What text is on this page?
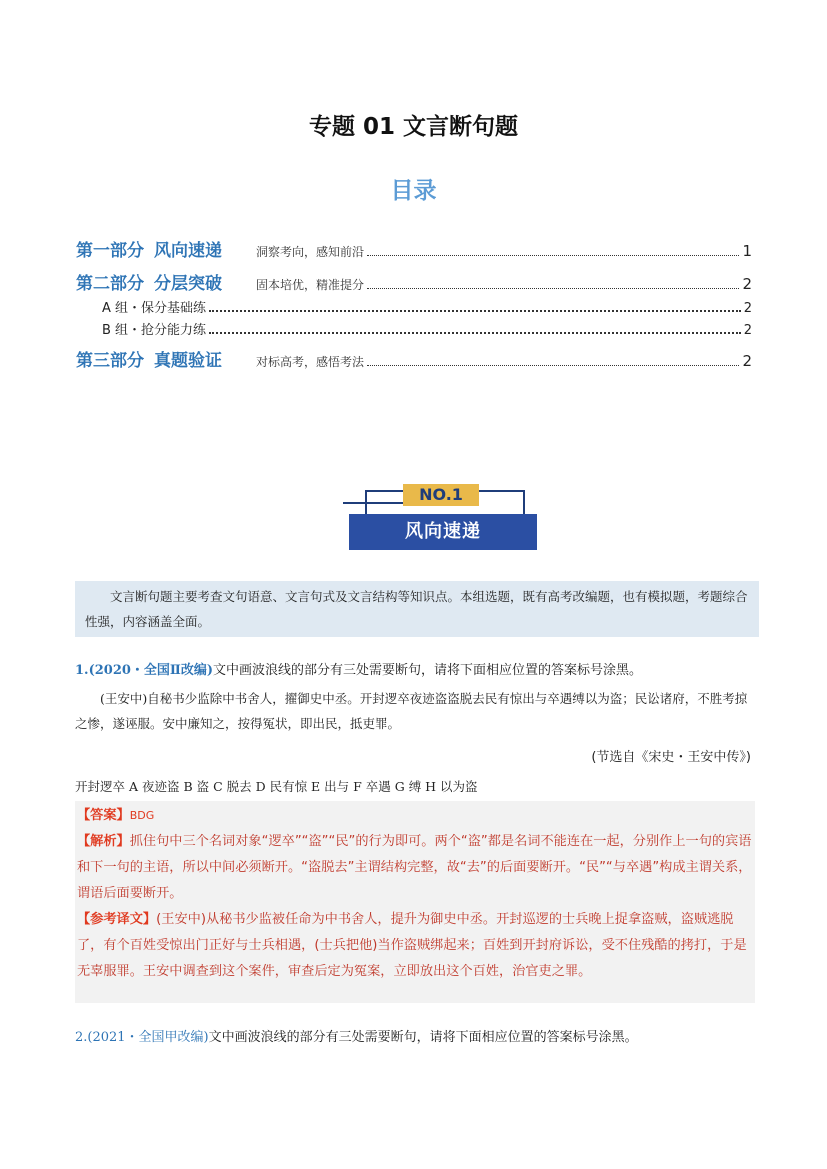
专题 01 文言断句题
目录
第一部分 风向速递	洞察考向，感知前沿	1
第二部分 分层突破	固本培优，精准提分	2
A 组・保分基础练	2
B 组・抢分能力练	2
第三部分 真题验证	对标高考，感悟考法	2
NO.1
风向速递
文言断句题主要考查文句语意、文言句式及文言结构等知识点。本组选题，既有高考改编题，也有模拟题，考题综合性强，内容涵盖全面。
1.(2020・全国Ⅱ改编)文中画波浪线的部分有三处需要断句，请将下面相应位置的答案标号涂黑。
(王安中)自秘书少监除中书舍人，擢御史中丞。开封逻卒夜迹盗盗脱去民有惊出与卒遇缚以为盗；民讼诸府，不胜考掠之惨，遂诬服。安中廉知之，按得冤状，即出民，抵吏罪。
(节选自《宋史・王安中传》)
开封逻卒 A 夜迹盗 B 盗 C 脱去 D 民有惊 E 出与 F 卒遇 G 缚 H 以为盗
【答案】BDG
【解析】抓住句中三个名词对象“逻卒”“盗”“民”的行为即可。两个“盗”都是名词不能连在一起，分别作上一句的宾语和下一句的主语，所以中间必须断开。“盗脱去”主谓结构完整，故“去”的后面要断开。“民”“与卒遇”构成主谓关系，谓语后面要断开。
【参考译文】(王安中)从秘书少监被任命为中书舍人，提升为御史中丞。开封巡逻的士兵晚上捉拿盗贼，盗贼逃脱了，有个百姓受惊出门正好与士兵相遇，(士兵把他)当作盗贼绑起来；百姓到开封府诉讼，受不住残酷的拷打，于是无辜服罪。王安中调查到这个案件，审查后定为冤案，立即放出这个百姓，治官吏之罪。
2.(2021・全国甲改编)文中画波浪线的部分有三处需要断句，请将下面相应位置的答案标号涂黑。
